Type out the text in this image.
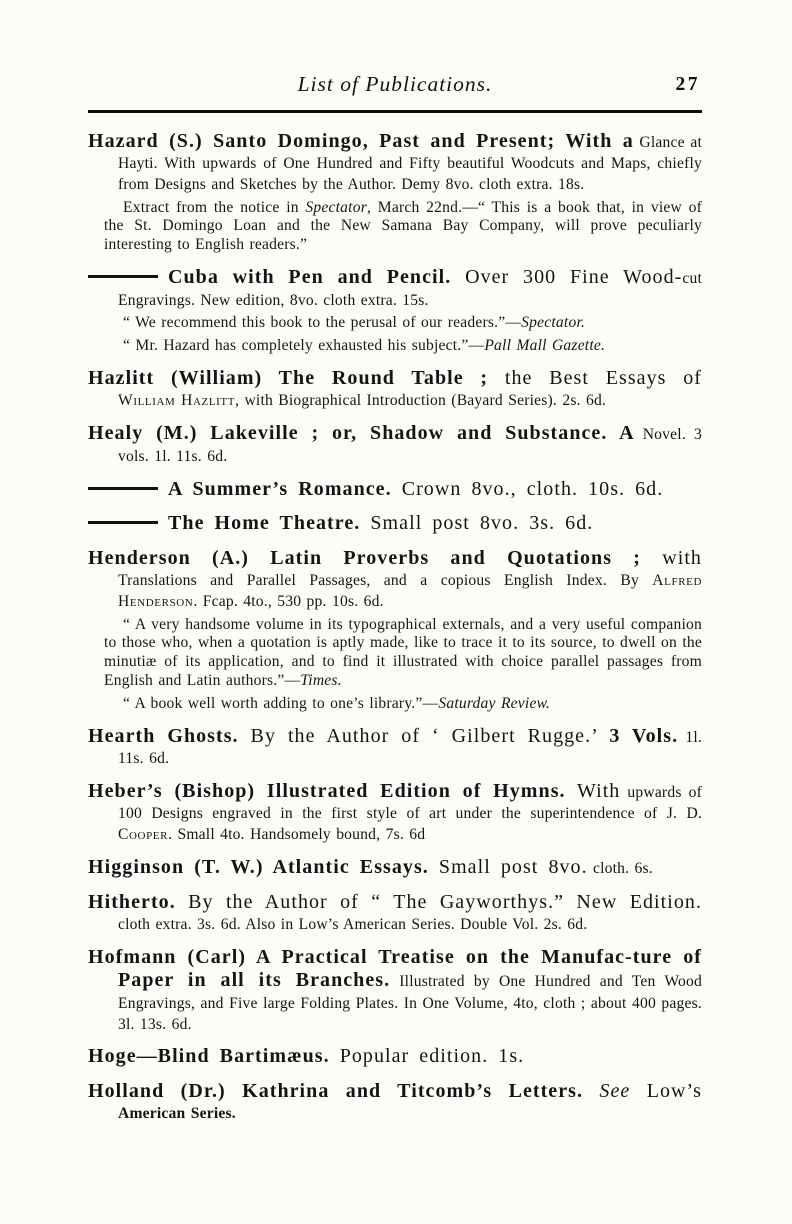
List of Publications.	27

Hazard (S.) Santo Domingo, Past and Present; With a Glance at Hayti. With upwards of One Hundred and Fifty beautiful Woodcuts and Maps, chiefly from Designs and Sketches by the Author. Demy 8vo. cloth extra. 18s.

Extract from the notice in Spectator, March 22nd.—“ This is a book that, in view of the St. Domingo Loan and the New Samana Bay Company, will prove peculiarly interesting to English readers.”

Cuba with Pen and Pencil. Over 300 Fine Wood-cut Engravings. New edition, 8vo. cloth extra. 15s.

“ We recommend this book to the perusal of our readers.”—Spectator.

“ Mr. Hazard has completely exhausted his subject.”—Pall Mall Gazette.

Hazlitt (William) The Round Table ; the Best Essays of William Hazlitt, with Biographical Introduction (Bayard Series). 2s. 6d.

Healy (M.) Lakeville ; or, Shadow and Substance. A Novel. 3 vols. 1l. 11s. 6d.

A Summer’s Romance. Crown 8vo., cloth. 10s. 6d.

The Home Theatre. Small post 8vo. 3s. 6d.

Henderson (A.) Latin Proverbs and Quotations ; with Translations and Parallel Passages, and a copious English Index. By Alfred Henderson. Fcap. 4to., 530 pp. 10s. 6d.

“ A very handsome volume in its typographical externals, and a very useful companion to those who, when a quotation is aptly made, like to trace it to its source, to dwell on the minutiæ of its application, and to find it illustrated with choice parallel passages from English and Latin authors.”—Times.

“ A book well worth adding to one’s library.”—Saturday Review.

Hearth Ghosts. By the Author of ‘ Gilbert Rugge.’ 3 Vols. 1l. 11s. 6d.

Heber’s (Bishop) Illustrated Edition of Hymns. With upwards of 100 Designs engraved in the first style of art under the superintendence of J. D. Cooper. Small 4to. Handsomely bound, 7s. 6d

Higginson (T. W.) Atlantic Essays. Small post 8vo. cloth. 6s.

Hitherto. By the Author of “ The Gayworthys.” New Edition. cloth extra. 3s. 6d. Also in Low’s American Series. Double Vol. 2s. 6d.

Hofmann (Carl) A Practical Treatise on the Manufac-ture of Paper in all its Branches. Illustrated by One Hundred and Ten Wood Engravings, and Five large Folding Plates. In One Volume, 4to, cloth ; about 400 pages. 3l. 13s. 6d.

Hoge—Blind Bartimæus. Popular edition. 1s.

Holland (Dr.) Kathrina and Titcomb’s Letters. See Low’s American Series.
